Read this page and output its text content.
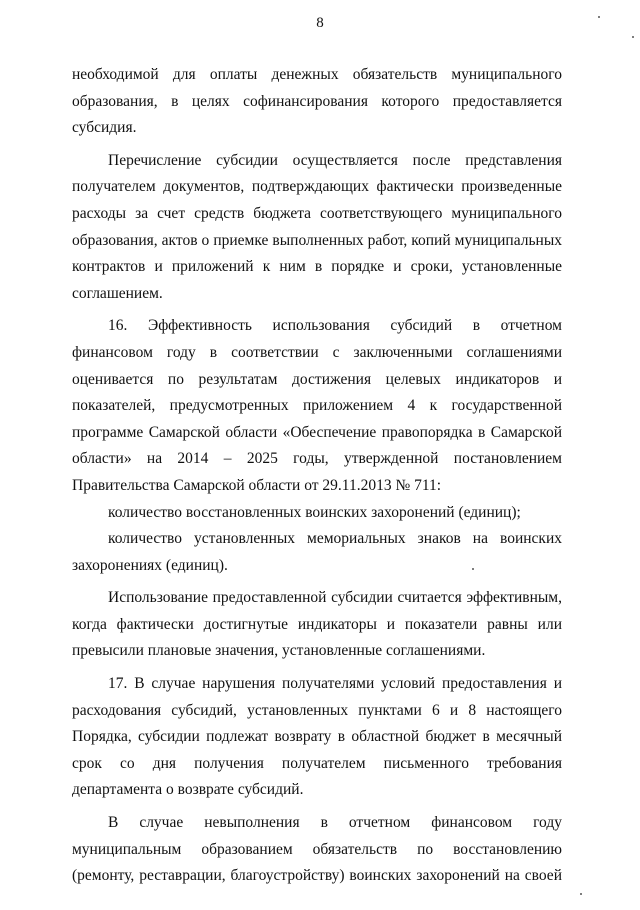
8

необходимой для оплаты денежных обязательств муниципального образования, в целях софинансирования которого предоставляется субсидия.

Перечисление субсидии осуществляется после представления получателем документов, подтверждающих фактически произведенные расходы за счет средств бюджета соответствующего муниципального образования, актов о приемке выполненных работ, копий муниципальных контрактов и приложений к ним в порядке и сроки, установленные соглашением.

16. Эффективность использования субсидий в отчетном финансовом году в соответствии с заключенными соглашениями оценивается по результатам достижения целевых индикаторов и показателей, предусмотренных приложением 4 к государственной программе Самарской области «Обеспечение правопорядка в Самарской области» на 2014 – 2025 годы, утвержденной постановлением Правительства Самарской области от 29.11.2013 № 711:

количество восстановленных воинских захоронений (единиц);

количество установленных мемориальных знаков на воинских захоронениях (единиц).

Использование предоставленной субсидии считается эффективным, когда фактически достигнутые индикаторы и показатели равны или превысили плановые значения, установленные соглашениями.

17. В случае нарушения получателями условий предоставления и расходования субсидий, установленных пунктами 6 и 8 настоящего Порядка, субсидии подлежат возврату в областной бюджет в месячный срок со дня получения получателем письменного требования департамента о возврате субсидий.

В случае невыполнения в отчетном финансовом году муниципальным образованием обязательств по восстановлению (ремонту, реставрации, благоустройству) воинских захоронений на своей
